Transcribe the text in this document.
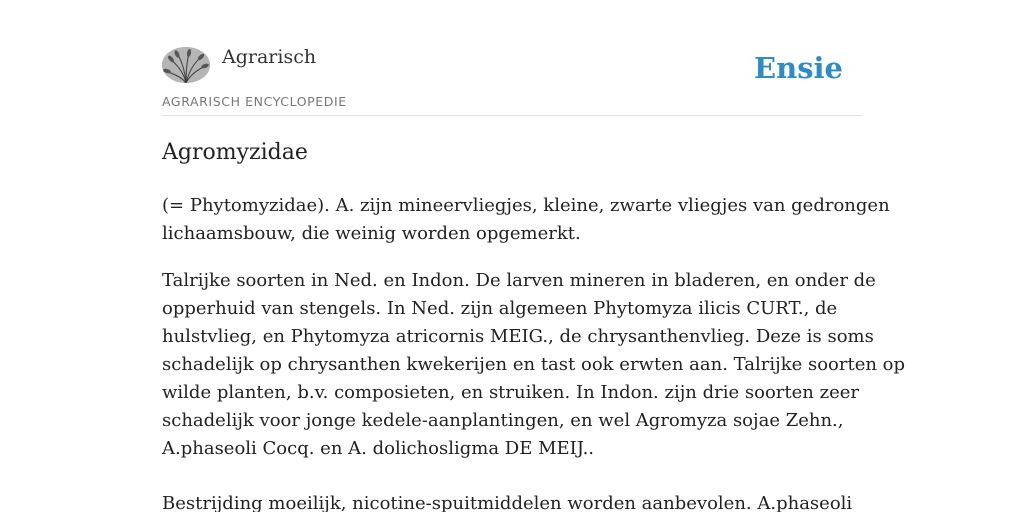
Agrarisch
AGRARISCH ENCYCLOPEDIE
Ensie
Agromyzidae

(= Phytomyzidae). A. zijn mineervliegjes, kleine, zwarte vliegjes van gedrongen
lichaamsbouw, die weinig worden opgemerkt.

Talrijke soorten in Ned. en Indon. De larven mineren in bladeren, en onder de
opperhuid van stengels. In Ned. zijn algemeen Phytomyza ilicis CURT., de
hulstvlieg, en Phytomyza atricornis MEIG., de chrysanthenvlieg. Deze is soms
schadelijk op chrysanthen kwekerijen en tast ook erwten aan. Talrijke soorten op
wilde planten, b.v. composieten, en struiken. In Indon. zijn drie soorten zeer
schadelijk voor jonge kedele-aanplantingen, en wel Agromyza sojae Zehn.,
A.phaseoli Cocq. en A. dolichosligma DE MEIJ..

Bestrijding moeilijk, nicotine-spuitmiddelen worden aanbevolen. A.phaseoli
